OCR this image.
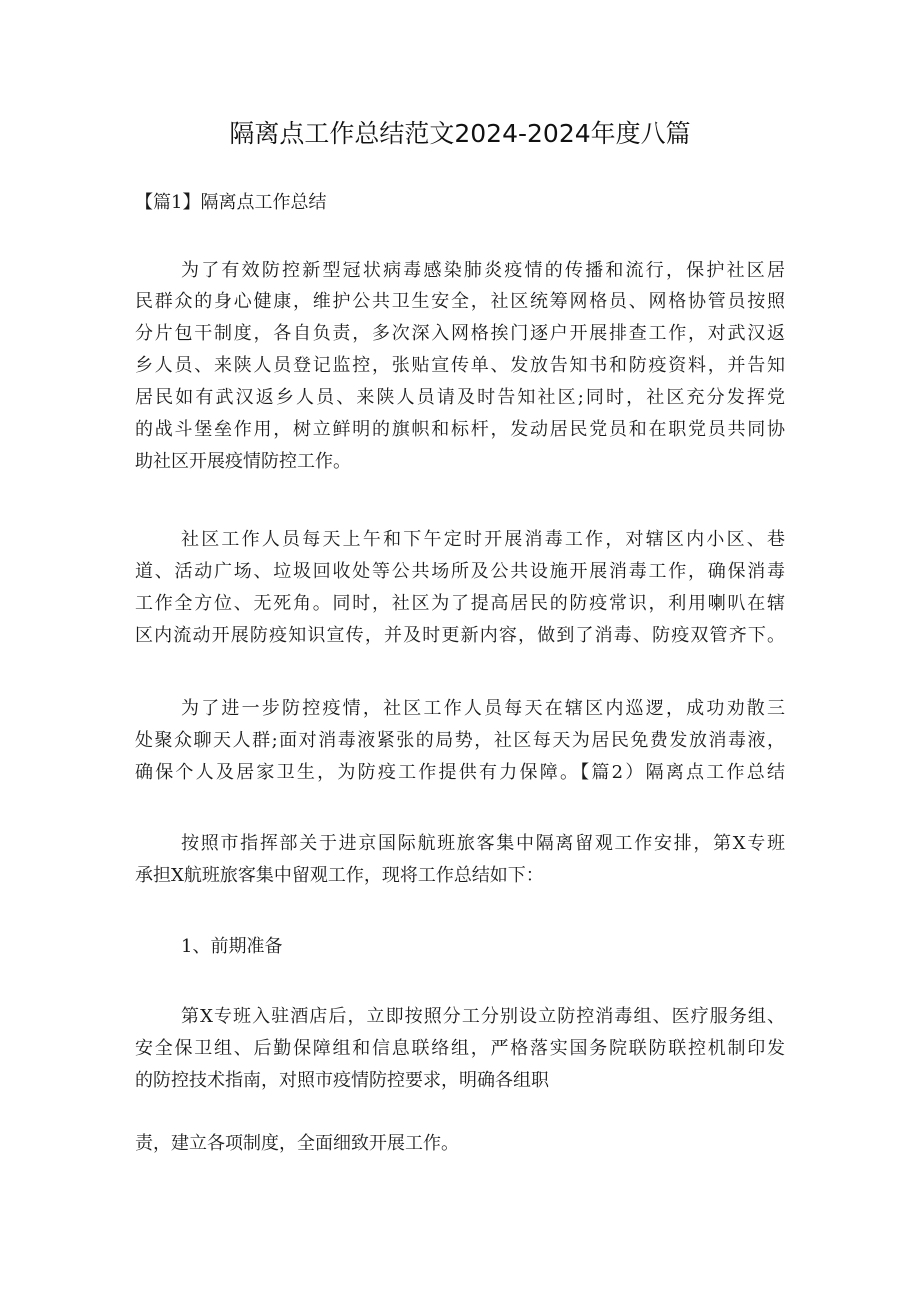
隔离点工作总结范文2024-2024年度八篇

【篇1】隔离点工作总结

为了有效防控新型冠状病毒感染肺炎疫情的传播和流行，保护社区居

民群众的身心健康，维护公共卫生安全，社区统筹网格员、网格协管员按照

分片包干制度，各自负责，多次深入网格挨门逐户开展排查工作，对武汉返

乡人员、来陕人员登记监控，张贴宣传单、发放告知书和防疫资料，并告知

居民如有武汉返乡人员、来陕人员请及时告知社区;同时，社区充分发挥党

的战斗堡垒作用，树立鲜明的旗帜和标杆，发动居民党员和在职党员共同协

助社区开展疫情防控工作。

社区工作人员每天上午和下午定时开展消毒工作，对辖区内小区、巷

道、活动广场、垃圾回收处等公共场所及公共设施开展消毒工作，确保消毒

工作全方位、无死角。同时，社区为了提高居民的防疫常识，利用喇叭在辖

区内流动开展防疫知识宣传，并及时更新内容，做到了消毒、防疫双管齐下。

为了进一步防控疫情，社区工作人员每天在辖区内巡逻，成功劝散三

处聚众聊天人群;面对消毒液紧张的局势，社区每天为居民免费发放消毒液，

确保个人及居家卫生，为防疫工作提供有力保障。【篇2）隔离点工作总结

按照市指挥部关于进京国际航班旅客集中隔离留观工作安排，第X专班

承担X航班旅客集中留观工作，现将工作总结如下：

1、前期准备

第X专班入驻酒店后，立即按照分工分别设立防控消毒组、医疗服务组、

安全保卫组、后勤保障组和信息联络组，严格落实国务院联防联控机制印发

的防控技术指南，对照市疫情防控要求，明确各组职

责，建立各项制度，全面细致开展工作。
